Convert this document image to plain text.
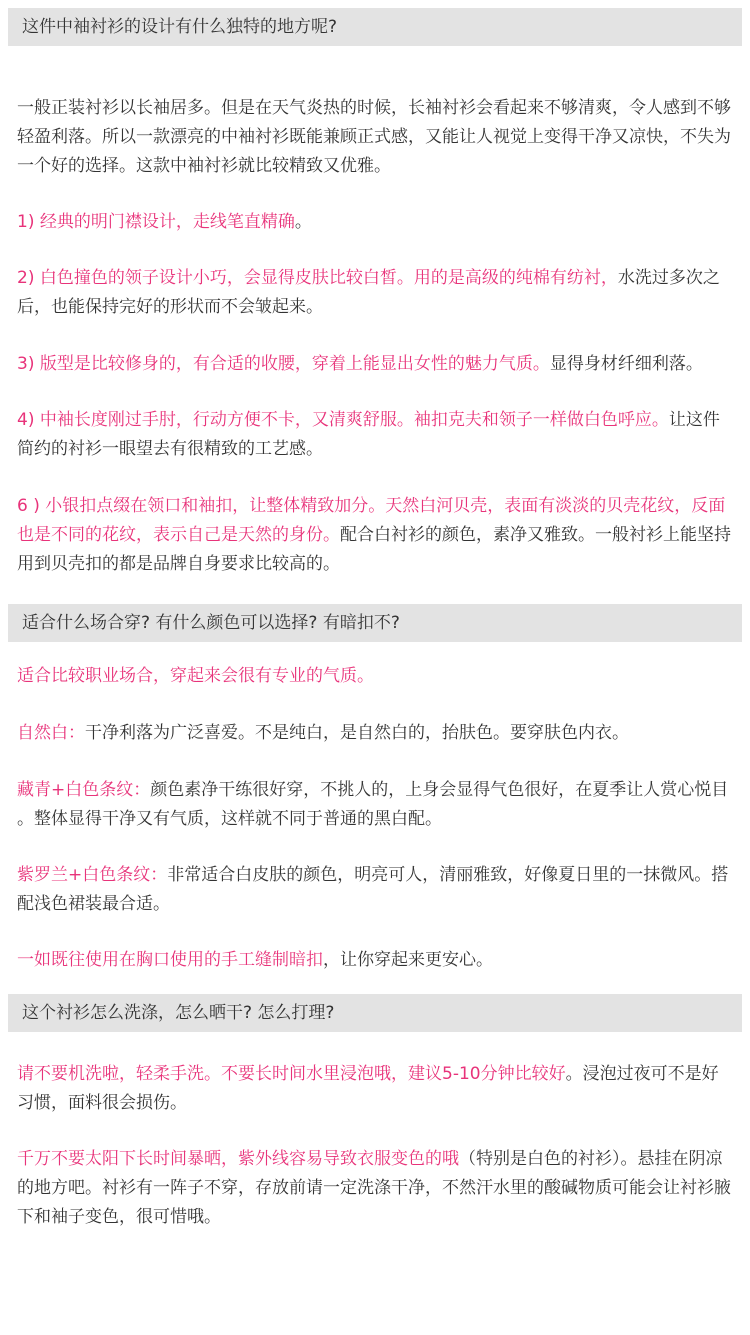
这件中袖衬衫的设计有什么独特的地方呢?
一般正装衬衫以长袖居多。但是在天气炎热的时候，长袖衬衫会看起来不够清爽，令人感到不够
轻盈利落。所以一款漂亮的中袖衬衫既能兼顾正式感，又能让人视觉上变得干净又凉快，不失为
一个好的选择。这款中袖衬衫就比较精致又优雅。
1) 经典的明门襟设计，走线笔直精确。
2) 白色撞色的领子设计小巧，会显得皮肤比较白皙。用的是高级的纯棉有纺衬，水洗过多次之
后，也能保持完好的形状而不会皱起来。
3) 版型是比较修身的，有合适的收腰，穿着上能显出女性的魅力气质。显得身材纤细利落。
4) 中袖长度刚过手肘，行动方便不卡，又清爽舒服。袖扣克夫和领子一样做白色呼应。让这件
简约的衬衫一眼望去有很精致的工艺感。
6 ) 小银扣点缀在领口和袖扣，让整体精致加分。天然白河贝壳，表面有淡淡的贝壳花纹，反面
也是不同的花纹，表示自己是天然的身份。配合白衬衫的颜色，素净又雅致。一般衬衫上能坚持
用到贝壳扣的都是品牌自身要求比较高的。
适合什么场合穿? 有什么颜色可以选择? 有暗扣不?
适合比较职业场合，穿起来会很有专业的气质。
自然白：干净利落为广泛喜爱。不是纯白，是自然白的，抬肤色。要穿肤色内衣。
藏青+白色条纹：颜色素净干练很好穿，不挑人的，上身会显得气色很好，在夏季让人赏心悦目
。整体显得干净又有气质，这样就不同于普通的黑白配。
紫罗兰+白色条纹：非常适合白皮肤的颜色，明亮可人，清丽雅致，好像夏日里的一抹微风。搭
配浅色裙装最合适。
一如既往使用在胸口使用的手工缝制暗扣，让你穿起来更安心。
这个衬衫怎么洗涤，怎么晒干? 怎么打理?
请不要机洗啦，轻柔手洗。不要长时间水里浸泡哦，建议5-10分钟比较好。浸泡过夜可不是好
习惯，面料很会损伤。
千万不要太阳下长时间暴晒，紫外线容易导致衣服变色的哦（特别是白色的衬衫）。悬挂在阴凉
的地方吧。衬衫有一阵子不穿，存放前请一定洗涤干净，不然汗水里的酸碱物质可能会让衬衫腋
下和袖子变色，很可惜哦。
